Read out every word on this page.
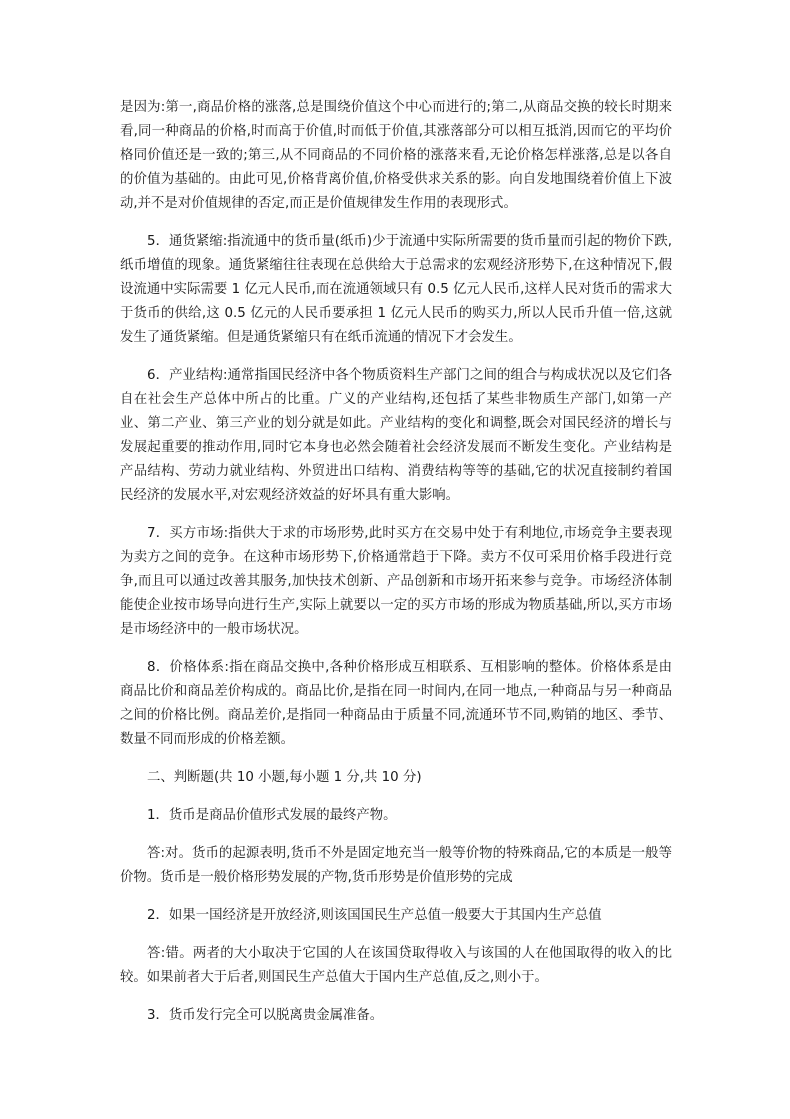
是因为:第一,商品价格的涨落,总是围绕价值这个中心而进行的;第二,从商品交换的较长时期来看,同一种商品的价格,时而高于价值,时而低于价值,其涨落部分可以相互抵消,因而它的平均价格同价值还是一致的;第三,从不同商品的不同价格的涨落来看,无论价格怎样涨落,总是以各自的价值为基础的。由此可见,价格背离价值,价格受供求关系的影。向自发地围绕着价值上下波动,并不是对价值规律的否定,而正是价值规律发生作用的表现形式。

5．通货紧缩:指流通中的货币量(纸币)少于流通中实际所需要的货币量而引起的物价下跌,纸币增值的现象。通货紧缩往往表现在总供给大于总需求的宏观经济形势下,在这种情况下,假设流通中实际需要 1 亿元人民币,而在流通领域只有 0.5 亿元人民币,这样人民对货币的需求大于货币的供给,这 0.5 亿元的人民币要承担 1 亿元人民币的购买力,所以人民币升值一倍,这就发生了通货紧缩。但是通货紧缩只有在纸币流通的情况下才会发生。

6．产业结构:通常指国民经济中各个物质资料生产部门之间的组合与构成状况以及它们各自在社会生产总体中所占的比重。广义的产业结构,还包括了某些非物质生产部门,如第一产业、第二产业、第三产业的划分就是如此。产业结构的变化和调整,既会对国民经济的增长与发展起重要的推动作用,同时它本身也必然会随着社会经济发展而不断发生变化。产业结构是产品结构、劳动力就业结构、外贸进出口结构、消费结构等等的基础,它的状况直接制约着国民经济的发展水平,对宏观经济效益的好坏具有重大影响。

7．买方市场:指供大于求的市场形势,此时买方在交易中处于有利地位,市场竞争主要表现为卖方之间的竞争。在这种市场形势下,价格通常趋于下降。卖方不仅可采用价格手段进行竞争,而且可以通过改善其服务,加快技术创新、产品创新和市场开拓来参与竞争。市场经济体制能使企业按市场导向进行生产,实际上就要以一定的买方市场的形成为物质基础,所以,买方市场是市场经济中的一般市场状况。

8．价格体系:指在商品交换中,各种价格形成互相联系、互相影响的整体。价格体系是由商品比价和商品差价构成的。商品比价,是指在同一时间内,在同一地点,一种商品与另一种商品之间的价格比例。商品差价,是指同一种商品由于质量不同,流通环节不同,购销的地区、季节、数量不同而形成的价格差额。

二、判断题(共 10 小题,每小题 1 分,共 10 分)

1．货币是商品价值形式发展的最终产物。

答:对。货币的起源表明,货币不外是固定地充当一般等价物的特殊商品,它的本质是一般等价物。货币是一般价格形势发展的产物,货币形势是价值形势的完成

2．如果一国经济是开放经济,则该国国民生产总值一般要大于其国内生产总值

答:错。两者的大小取决于它国的人在该国贷取得收入与该国的人在他国取得的收入的比较。如果前者大于后者,则国民生产总值大于国内生产总值,反之,则小于。

3．货币发行完全可以脱离贵金属准备。
